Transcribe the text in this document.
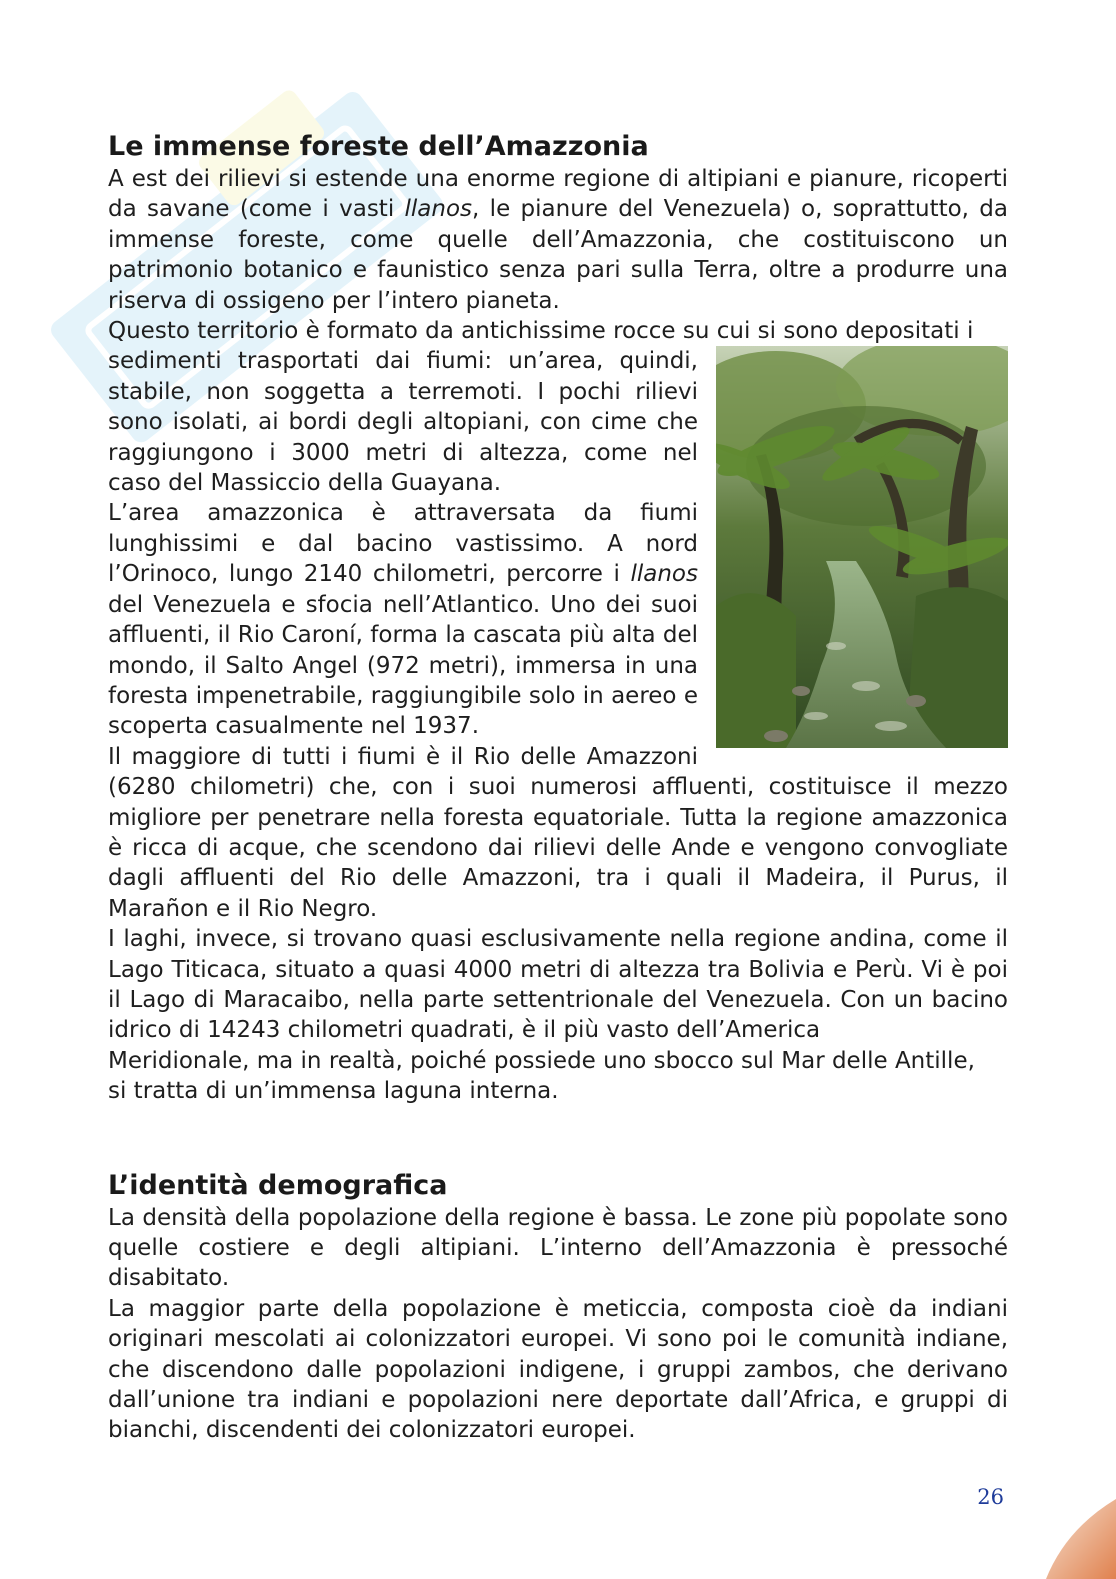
Le immense foreste dell’Amazzonia

A est dei rilievi si estende una enorme regione di altipiani e pianure, ricoperti da savane (come i vasti llanos, le pianure del Venezuela) o, soprattutto, da immense foreste, come quelle dell’Amazzonia, che costituiscono un patrimonio botanico e faunistico senza pari sulla Terra, oltre a produrre una riserva di ossigeno per l’intero pianeta.

Questo territorio è formato da antichissime rocce su cui si sono depositati i

sedimenti trasportati dai fiumi: un’area, quindi, stabile, non soggetta a terremoti. I pochi rilievi sono isolati, ai bordi degli altopiani, con cime che raggiungono i 3000 metri di altezza, come nel caso del Massiccio della Guayana.

L’area amazzonica è attraversata da fiumi lunghissimi e dal bacino vastissimo. A nord l’Orinoco, lungo 2140 chilometri, percorre i llanos del Venezuela e sfocia nell’Atlantico. Uno dei suoi affluenti, il Rio Caroní, forma la cascata più alta del mondo, il Salto Angel (972 metri), immersa in una foresta impenetrabile, raggiungibile solo in aereo e scoperta casualmente nel 1937.

Il maggiore di tutti i fiumi è il Rio delle Amazzoni (6280 chilometri) che, con i suoi numerosi affluenti, costituisce il mezzo migliore per penetrare nella foresta equatoriale. Tutta la regione amazzonica è ricca di acque, che scendono dai rilievi delle Ande e vengono convogliate dagli affluenti del Rio delle Amazzoni, tra i quali il Madeira, il Purus, il Marañon e il Rio Negro.

I laghi, invece, si trovano quasi esclusivamente nella regione andina, come il Lago Titicaca, situato a quasi 4000 metri di altezza tra Bolivia e Perù. Vi è poi il Lago di Maracaibo, nella parte settentrionale del Venezuela. Con un bacino idrico di 14243 chilometri quadrati, è il più vasto dell’America

Meridionale, ma in realtà, poiché possiede uno sbocco sul Mar delle Antille,
si tratta di un’immensa laguna interna.
L’identità demografica

La densità della popolazione della regione è bassa. Le zone più popolate sono quelle costiere e degli altipiani. L’interno dell’Amazzonia è pressoché disabitato.

La maggior parte della popolazione è meticcia, composta cioè da indiani originari mescolati ai colonizzatori europei. Vi sono poi le comunità indiane, che discendono dalle popolazioni indigene, i gruppi zambos, che derivano dall’unione tra indiani e popolazioni nere deportate dall’Africa, e gruppi di bianchi, discendenti dei colonizzatori europei.

26
